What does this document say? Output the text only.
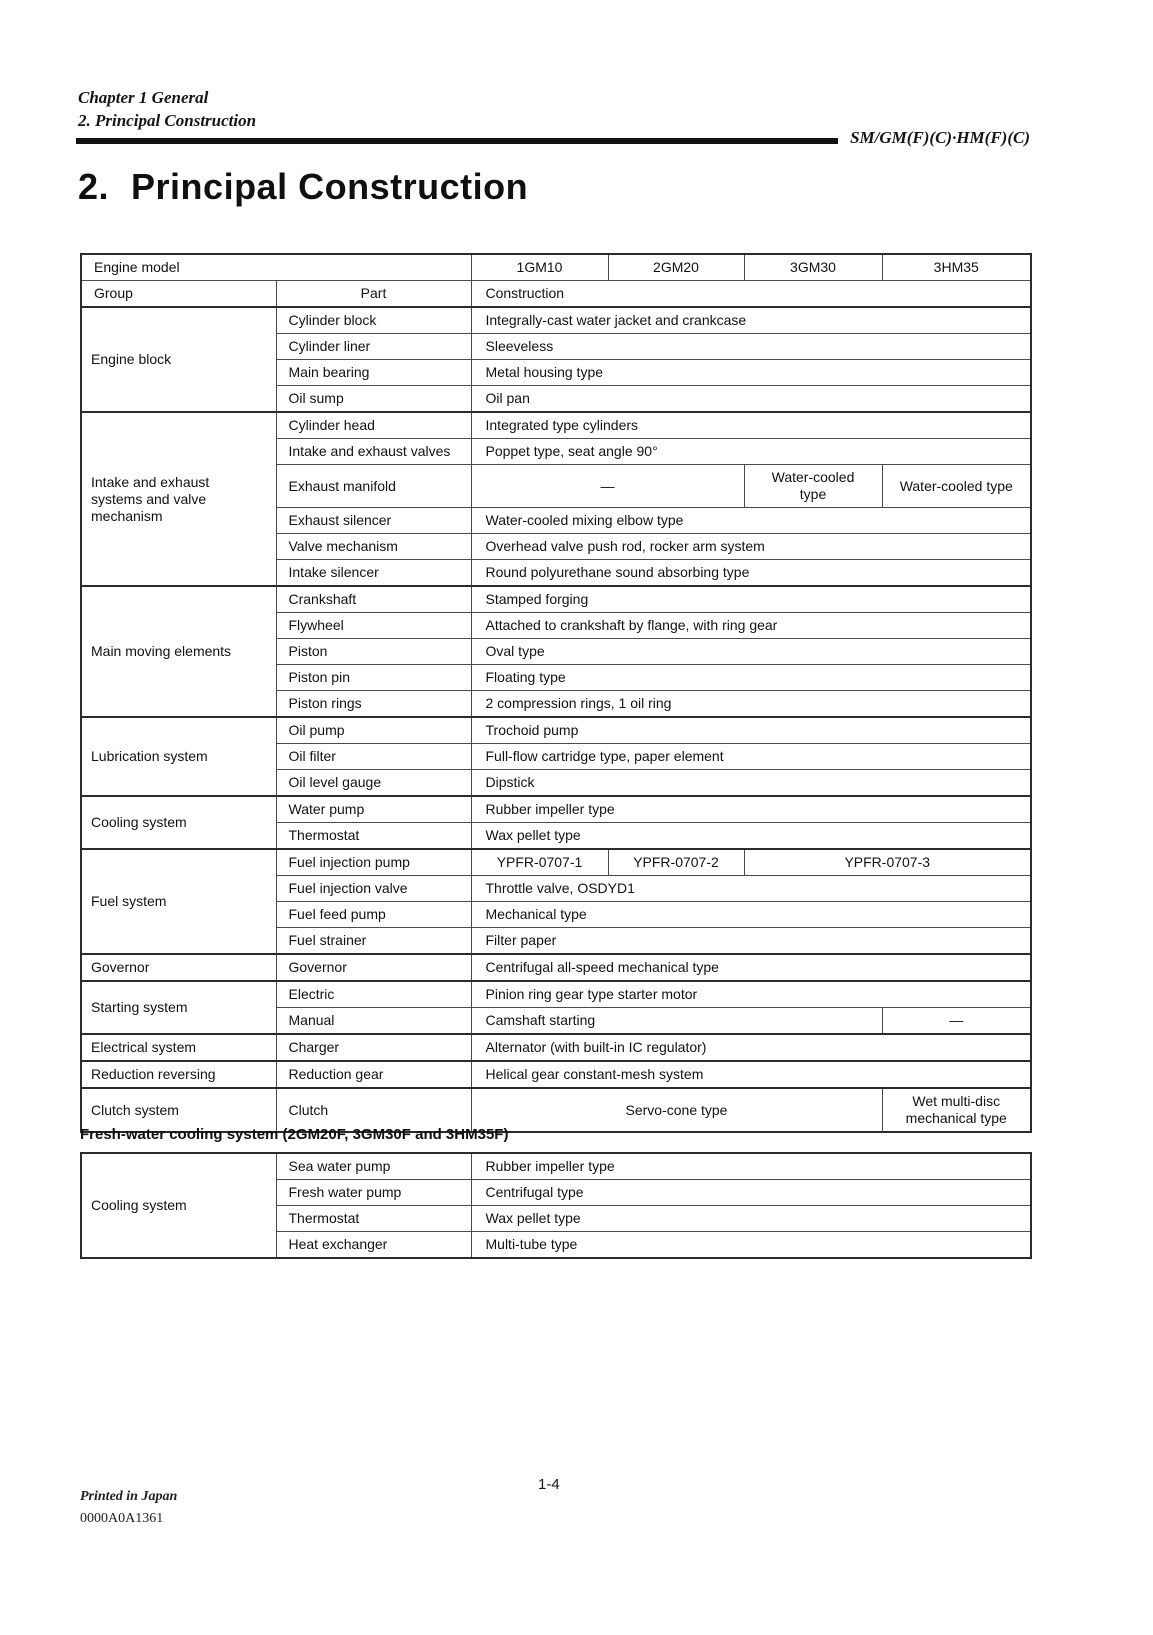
Chapter 1 General
2. Principal Construction
SM/GM(F)(C)·HM(F)(C)
2. Principal Construction
Engine model		1GM10	2GM20	3GM30	3HM35
Group	Part	Construction			
Engine block	Cylinder block	Integrally-cast water jacket and crankcase			
	Cylinder liner	Sleeveless			
	Main bearing	Metal housing type			
	Oil sump	Oil pan			
Intake and exhaust systems and valve mechanism	Cylinder head	Integrated type cylinders			
	Intake and exhaust valves	Poppet type, seat angle 90°			
	Exhaust manifold	—		Water-cooled type	Water-cooled type
	Exhaust silencer	Water-cooled mixing elbow type			
	Valve mechanism	Overhead valve push rod, rocker arm system			
	Intake silencer	Round polyurethane sound absorbing type			
Main moving elements	Crankshaft	Stamped forging			
	Flywheel	Attached to crankshaft by flange, with ring gear			
	Piston	Oval type			
	Piston pin	Floating type			
	Piston rings	2 compression rings, 1 oil ring			
Lubrication system	Oil pump	Trochoid pump			
	Oil filter	Full-flow cartridge type, paper element			
	Oil level gauge	Dipstick			
Cooling system	Water pump	Rubber impeller type			
	Thermostat	Wax pellet type			
Fuel system	Fuel injection pump	YPFR-0707-1	YPFR-0707-2	YPFR-0707-3	
	Fuel injection valve	Throttle valve, OSDYD1			
	Fuel feed pump	Mechanical type			
	Fuel strainer	Filter paper			
Governor	Governor	Centrifugal all-speed mechanical type			
Starting system	Electric	Pinion ring gear type starter motor			
	Manual	Camshaft starting			—
Electrical system	Charger	Alternator (with built-in IC regulator)			
Reduction reversing	Reduction gear	Helical gear constant-mesh system			
Clutch system	Clutch	Servo-cone type			Wet multi-disc mechanical type
Fresh-water cooling system (2GM20F, 3GM30F and 3HM35F)
Cooling system	Sea water pump	Rubber impeller type
	Fresh water pump	Centrifugal type
	Thermostat	Wax pellet type
	Heat exchanger	Multi-tube type
1-4
Printed in Japan
0000A0A1361
